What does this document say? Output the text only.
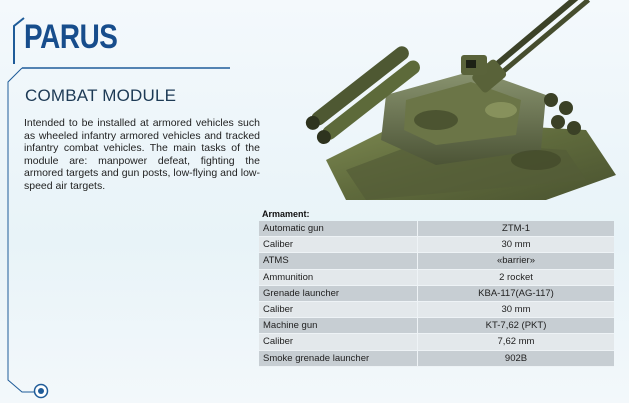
PARUS
COMBAT MODULE
Intended to be installed at armored vehicles such as wheeled infantry armored vehicles and tracked infantry combat vehicles. The main tasks of the module are: manpower defeat, fighting the armored targets and gun posts, low-flying and low-speed air targets.
Armament:
Automatic gun	ZTM-1
Caliber	30 mm
ATMS	«barrier»
Ammunition	2 rocket
Grenade launcher	KBA-117(AG-117)
Caliber	30 mm
Machine gun	KT-7,62 (PKT)
Caliber	7,62 mm
Smoke grenade launcher	902B
